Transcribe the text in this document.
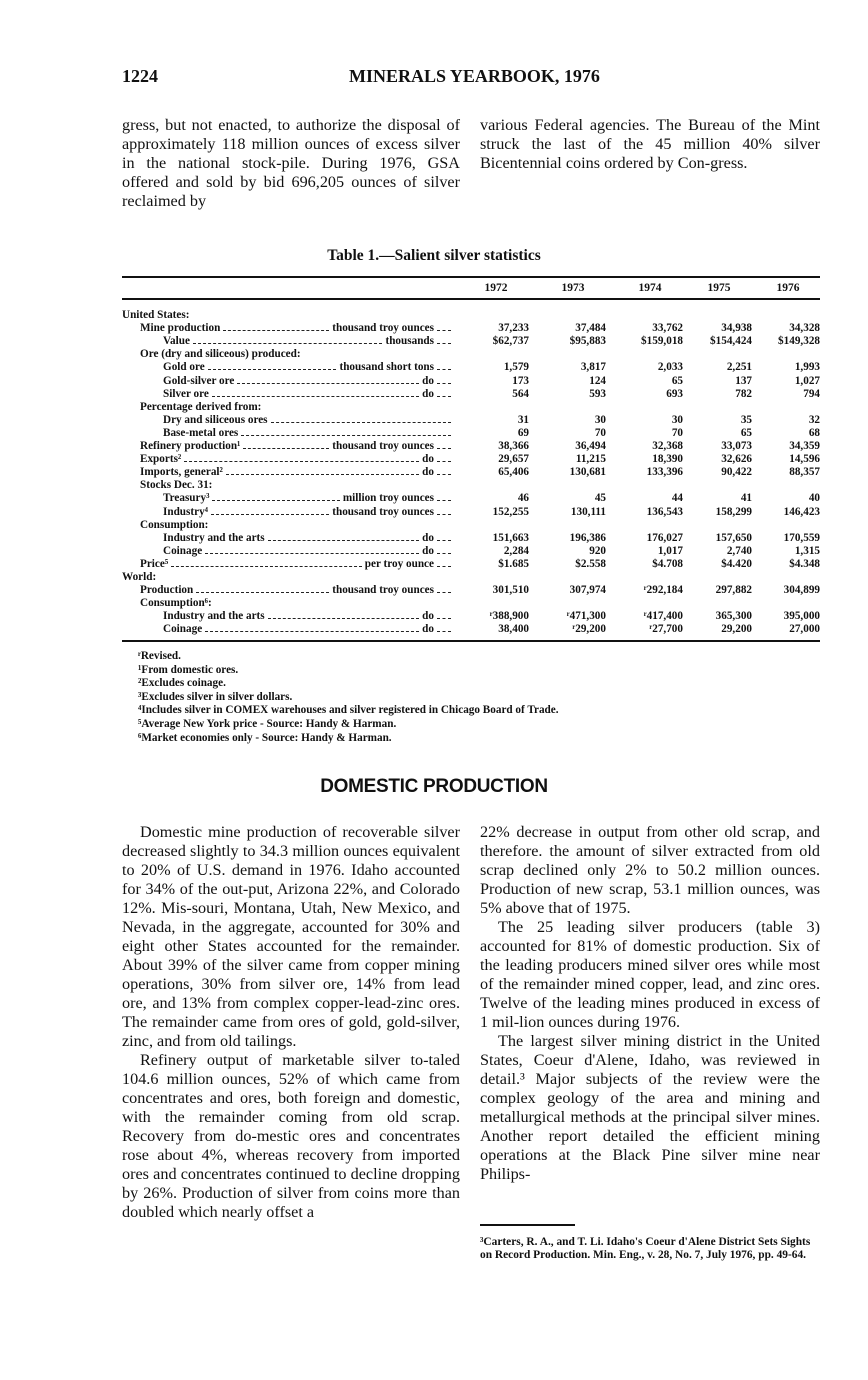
1224	MINERALS YEARBOOK, 1976

gress, but not enacted, to authorize the disposal of approximately 118 million ounces of excess silver in the national stock-pile. During 1976, GSA offered and sold by bid 696,205 ounces of silver reclaimed by

various Federal agencies. The Bureau of the Mint struck the last of the 45 million 40% silver Bicentennial coins ordered by Con-gress.

Table 1.—Salient silver statistics
1972	1973	1974	1975	1976
United States:
Mine production	thousand troy ounces	37,233	37,484	33,762	34,938	34,328
Value	thousands	$62,737	$95,883	$159,018	$154,424	$149,328
Ore (dry and siliceous) produced:
Gold ore	thousand short tons	1,579	3,817	2,033	2,251	1,993
Gold-silver ore	do	173	124	65	137	1,027
Silver ore	do	564	593	693	782	794
Percentage derived from:
Dry and siliceous ores	31	30	30	35	32
Base-metal ores	69	70	70	65	68
Refinery production¹	thousand troy ounces	38,366	36,494	32,368	33,073	34,359
Exports²	do	29,657	11,215	18,390	32,626	14,596
Imports, general²	do	65,406	130,681	133,396	90,422	88,357
Stocks Dec. 31:
Treasury³	million troy ounces	46	45	44	41	40
Industry⁴	thousand troy ounces	152,255	130,111	136,543	158,299	146,423
Consumption:
Industry and the arts	do	151,663	196,386	176,027	157,650	170,559
Coinage	do	2,284	920	1,017	2,740	1,315
Price⁵	per troy ounce	$1.685	$2.558	$4.708	$4.420	$4.348
World:
Production	thousand troy ounces	301,510	307,974	ʳ292,184	297,882	304,899
Consumption⁶:
Industry and the arts	do	ʳ388,900	ʳ471,300	ʳ417,400	365,300	395,000
Coinage	do	38,400	ʳ29,200	ʳ27,700	29,200	27,000
ʳRevised.
¹From domestic ores.
²Excludes coinage.
³Excludes silver in silver dollars.
⁴Includes silver in COMEX warehouses and silver registered in Chicago Board of Trade.
⁵Average New York price - Source: Handy & Harman.
⁶Market economies only - Source: Handy & Harman.
DOMESTIC PRODUCTION

Domestic mine production of recoverable silver decreased slightly to 34.3 million ounces equivalent to 20% of U.S. demand in 1976. Idaho accounted for 34% of the out-put, Arizona 22%, and Colorado 12%. Mis-souri, Montana, Utah, New Mexico, and Nevada, in the aggregate, accounted for 30% and eight other States accounted for the remainder. About 39% of the silver came from copper mining operations, 30% from silver ore, 14% from lead ore, and 13% from complex copper-lead-zinc ores. The remainder came from ores of gold, gold-silver, zinc, and from old tailings.

Refinery output of marketable silver to-taled 104.6 million ounces, 52% of which came from concentrates and ores, both foreign and domestic, with the remainder coming from old scrap. Recovery from do-mestic ores and concentrates rose about 4%, whereas recovery from imported ores and concentrates continued to decline dropping by 26%. Production of silver from coins more than doubled which nearly offset a

22% decrease in output from other old scrap, and therefore. the amount of silver extracted from old scrap declined only 2% to 50.2 million ounces. Production of new scrap, 53.1 million ounces, was 5% above that of 1975.

The 25 leading silver producers (table 3) accounted for 81% of domestic production. Six of the leading producers mined silver ores while most of the remainder mined copper, lead, and zinc ores. Twelve of the leading mines produced in excess of 1 mil-lion ounces during 1976.

The largest silver mining district in the United States, Coeur d'Alene, Idaho, was reviewed in detail.³ Major subjects of the review were the complex geology of the area and mining and metallurgical methods at the principal silver mines. Another report detailed the efficient mining operations at the Black Pine silver mine near Philips-

³Carters, R. A., and T. Li. Idaho's Coeur d'Alene District Sets Sights on Record Production. Min. Eng., v. 28, No. 7, July 1976, pp. 49-64.
